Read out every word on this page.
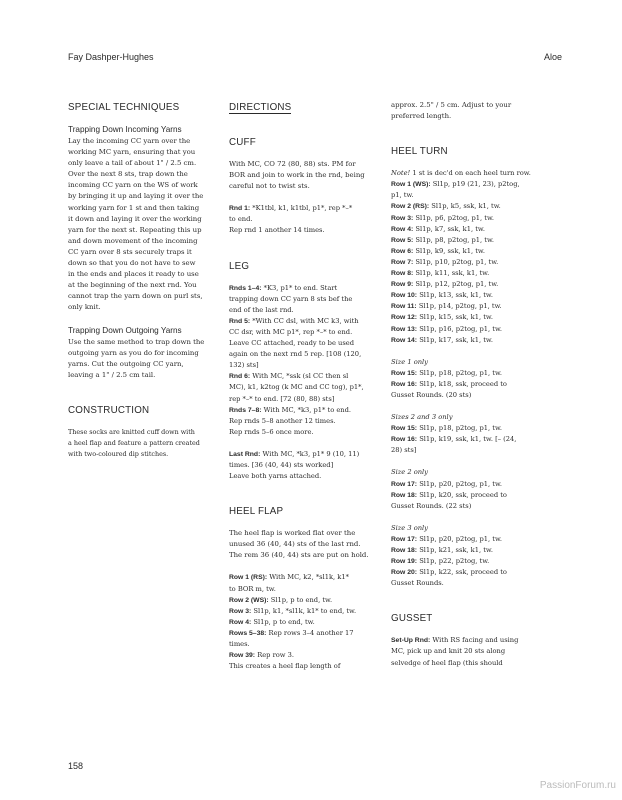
Fay Dashper-Hughes	Aloe
SPECIAL TECHNIQUES
Trapping Down Incoming Yarns

Lay the incoming CC yarn over the

working MC yarn, ensuring that you

only leave a tail of about 1" / 2.5 cm.

Over the next 8 sts, trap down the

incoming CC yarn on the WS of work

by bringing it up and laying it over the

working yarn for 1 st and then taking

it down and laying it over the working

yarn for the next st. Repeating this up

and down movement of the incoming

CC yarn over 8 sts securely traps it

down so that you do not have to sew

in the ends and places it ready to use

at the beginning of the next rnd. You

cannot trap the yarn down on purl sts,

only knit.

Trapping Down Outgoing Yarns

Use the same method to trap down the

outgoing yarn as you do for incoming

yarns. Cut the outgoing CC yarn,

leaving a 1" / 2.5 cm tail.

CONSTRUCTION

These socks are knitted cuff down with

a heel flap and feature a pattern created

with two-coloured dip stitches.

DIRECTIONS
CUFF

With MC, CO 72 (80, 88) sts. PM for

BOR and join to work in the rnd, being

careful not to twist sts.

Rnd 1: *K1tbl, k1, k1tbl, p1*, rep *–*
to end.
Rep rnd 1 another 14 times.
LEG
Rnds 1–4: *K3, p1* to end. Start
trapping down CC yarn 8 sts bef the
end of the last rnd.
Rnd 5: *With CC dsl, with MC k3, with
CC dsr, with MC p1*, rep *–* to end.
Leave CC attached, ready to be used
again on the next rnd 5 rep. [108 (120,
132) sts]
Rnd 6: With MC, *ssk (sl CC then sl
MC), k1, k2tog (k MC and CC tog), p1*,
rep *–* to end. [72 (80, 88) sts]
Rnds 7–8: With MC, *k3, p1* to end.
Rep rnds 5–8 another 12 times.
Rep rnds 5–6 once more.
Last Rnd: With MC, *k3, p1* 9 (10, 11)
times. [36 (40, 44) sts worked]
Leave both yarns attached.
HEEL FLAP

The heel flap is worked flat over the

unused 36 (40, 44) sts of the last rnd.

The rem 36 (40, 44) sts are put on hold.

Row 1 (RS): With MC, k2, *sl1k, k1*
to BOR m, tw.
Row 2 (WS): Sl1p, p to end, tw.
Row 3: Sl1p, k1, *sl1k, k1* to end, tw.
Row 4: Sl1p, p to end, tw.
Rows 5–38: Rep rows 3–4 another 17
times.
Row 39: Rep row 3.
This creates a heel flap length of

approx. 2.5" / 5 cm. Adjust to your

preferred length.

HEEL TURN
Note! 1 st is dec'd on each heel turn row.
Row 1 (WS): Sl1p, p19 (21, 23), p2tog,
p1, tw.
Row 2 (RS): Sl1p, k5, ssk, k1, tw.
Row 3: Sl1p, p6, p2tog, p1, tw.
Row 4: Sl1p, k7, ssk, k1, tw.
Row 5: Sl1p, p8, p2tog, p1, tw.
Row 6: Sl1p, k9, ssk, k1, tw.
Row 7: Sl1p, p10, p2tog, p1, tw.
Row 8: Sl1p, k11, ssk, k1, tw.
Row 9: Sl1p, p12, p2tog, p1, tw.
Row 10: Sl1p, k13, ssk, k1, tw.
Row 11: Sl1p, p14, p2tog, p1, tw.
Row 12: Sl1p, k15, ssk, k1, tw.
Row 13: Sl1p, p16, p2tog, p1, tw.
Row 14: Sl1p, k17, ssk, k1, tw.
Size 1 only
Row 15: Sl1p, p18, p2tog, p1, tw.
Row 16: Sl1p, k18, ssk, proceed to
Gusset Rounds. (20 sts)
Sizes 2 and 3 only
Row 15: Sl1p, p18, p2tog, p1, tw.
Row 16: Sl1p, k19, ssk, k1, tw. [– (24,
28) sts]
Size 2 only
Row 17: Sl1p, p20, p2tog, p1, tw.
Row 18: Sl1p, k20, ssk, proceed to
Gusset Rounds. (22 sts)
Size 3 only
Row 17: Sl1p, p20, p2tog, p1, tw.
Row 18: Sl1p, k21, ssk, k1, tw.
Row 19: Sl1p, p22, p2tog, tw.
Row 20: Sl1p, k22, ssk, proceed to
Gusset Rounds.
GUSSET
Set-Up Rnd: With RS facing and using
MC, pick up and knit 20 sts along
selvedge of heel flap (this should
158
PassionForum.ru
